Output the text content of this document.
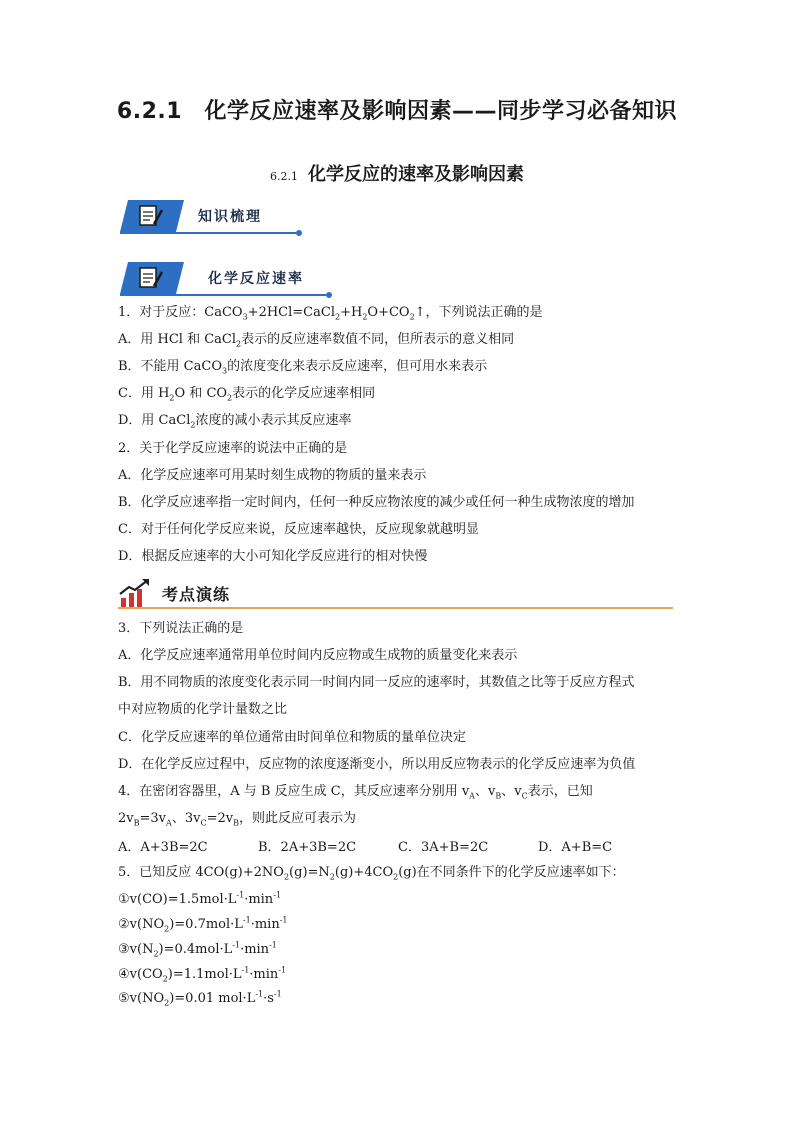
6.2.1　化学反应速率及影响因素——同步学习必备知识
6.2.1 化学反应的速率及影响因素
知识梳理
化学反应速率
1．对于反应：$CaCO_3+2HCl=CaCl_2+H_2O+CO_2↑$，下列说法正确的是
A．用 HCl 和 CaCl$_2$表示的反应速率数值不同，但所表示的意义相同
B．不能用 CaCO$_3$的浓度变化来表示反应速率，但可用水来表示
C．用 $H_2O$ 和 $CO_2$表示的化学反应速率相同
D．用 CaCl$_2$浓度的减小表示其反应速率
2．关于化学反应速率的说法中正确的是
A．化学反应速率可用某时刻生成物的物质的量来表示
B．化学反应速率指一定时间内，任何一种反应物浓度的减少或任何一种生成物浓度的增加
C．对于任何化学反应来说，反应速率越快，反应现象就越明显
D．根据反应速率的大小可知化学反应进行的相对快慢
考点演练
3．下列说法正确的是
A．化学反应速率通常用单位时间内反应物或生成物的质量变化来表示
B．用不同物质的浓度变化表示同一时间内同一反应的速率时，其数值之比等于反应方程式
中对应物质的化学计量数之比
C．化学反应速率的单位通常由时间单位和物质的量单位决定
D．在化学反应过程中，反应物的浓度逐渐变小，所以用反应物表示的化学反应速率为负值
4．在密闭容器里，A 与 B 反应生成 C，其反应速率分别用 $v_A$、$v_B$、$v_C$表示，已知
$2v_B=3v_A$、$3v_C=2v_B$，则此反应可表示为
A．A+3B=2C	B．2A+3B=2C	C．3A+B=2C	D．A+B=C
5．已知反应 $4CO(g)+2NO_2(g)=N_2(g)+4CO_2(g)$在不同条件下的化学反应速率如下：
$①v(CO)=1.5mol\cdot L^{-1}\cdot\min^{-1}$
$②v(NO_2)=0.7mol\cdot L^{-1}\cdot\min^{-1}$
$③v(N_2)=0.4mol\cdot L^{-1}\cdot\min^{-1}$
$④v(CO_2)=1.1mol\cdot L^{-1}\cdot\min^{-1}$
$⑤v(NO_2)=0.01$ $mol\cdot L^{-1}\cdot s^{-1}$
